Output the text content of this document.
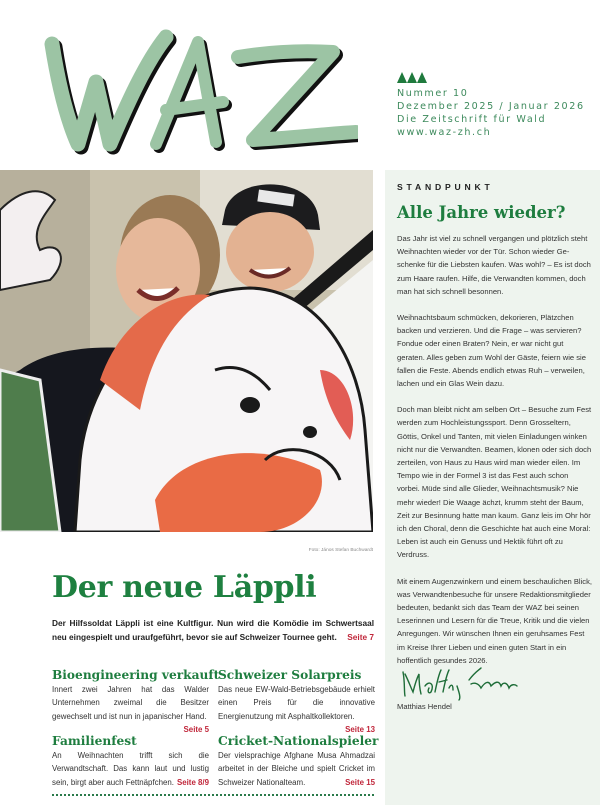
Nummer 10
Dezember 2025 / Januar 2026
Die Zeitschrift für Wald
www.waz-zh.ch
Foto: János Stefan Buchwardt
Der neue Läppli
Der Hilfssoldat Läppli ist eine Kultfigur. Nun wird die Komödie im Schwertsaal neu eingespielt und uraufgeführt, bevor sie auf Schweizer Tournee geht. Seite 7
Bioengineering verkauft

Innert zwei Jahren hat das Walder Unternehmen zweimal die Besitzer gewechselt und ist nun in japanischer Hand.
Seite 5

Schweizer Solarpreis

Das neue EW-Wald-Betriebsgebäude erhielt einen Preis für die innovative Energienutzung mit Asphaltkollektoren.
Seite 13

Familienfest

An Weihnachten trifft sich die Verwandtschaft. Das kann laut und lustig sein, birgt aber auch Fettnäpfchen. Seite 8/9

Cricket-Nationalspieler

Der vielsprachige Afghane Musa Ahmadzai arbeitet in der Bleiche und spielt Cricket im Schweizer Nationalteam.	Seite 15

STANDPUNKT
Alle Jahre wieder?

Das Jahr ist viel zu schnell vergangen und plötzlich steht Weihnachten wieder vor der Tür. Schon wieder Geschenke für die Liebsten kaufen. Was wohl? – Es ist doch zum Haare raufen. Hilfe, die Verwandten kommen, doch man hat sich schnell besonnen.

Weihnachtsbaum schmücken, dekorieren, Plätzchen backen und verzieren. Und die Frage – was servieren? Fondue oder einen Braten? Nein, er war nicht gut geraten. Alles geben zum Wohl der Gäste, feiern wie sie fallen die Feste. Abends endlich etwas Ruh – verweilen, lachen und ein Glas Wein dazu.

Doch man bleibt nicht am selben Ort – Besuche zum Fest werden zum Hochleistungssport. Denn Grosseltern, Göttis, Onkel und Tanten, mit vielen Einladungen winken nicht nur die Verwandten. Beamen, klonen oder sich doch zerteilen, von Haus zu Haus wird man wieder eilen. Im Tempo wie in der Formel 3 ist das Fest auch schon vorbei. Müde sind alle Glieder, Weihnachtsmusik? Nie mehr wieder! Die Waage ächzt, krumm steht der Baum, Zeit zur Besinnung hatte man kaum. Ganz leis im Ohr hör ich den Choral, denn die Geschichte hat auch eine Moral: Leben ist auch ein Genuss und Hektik führt oft zu Verdruss.

Mit einem Augenzwinkern und einem beschaulichen Blick, was Verwandtenbesuche für unsere Redaktionsmitglieder bedeuten, bedankt sich das Team der WAZ bei seinen Leserinnen und Lesern für die Treue, Kritik und die vielen Anregungen. Wir wünschen Ihnen ein geruhsames Fest im Kreise Ihrer Lieben und einen guten Start in ein hoffentlich gesundes 2026.

Matthias Hendel
